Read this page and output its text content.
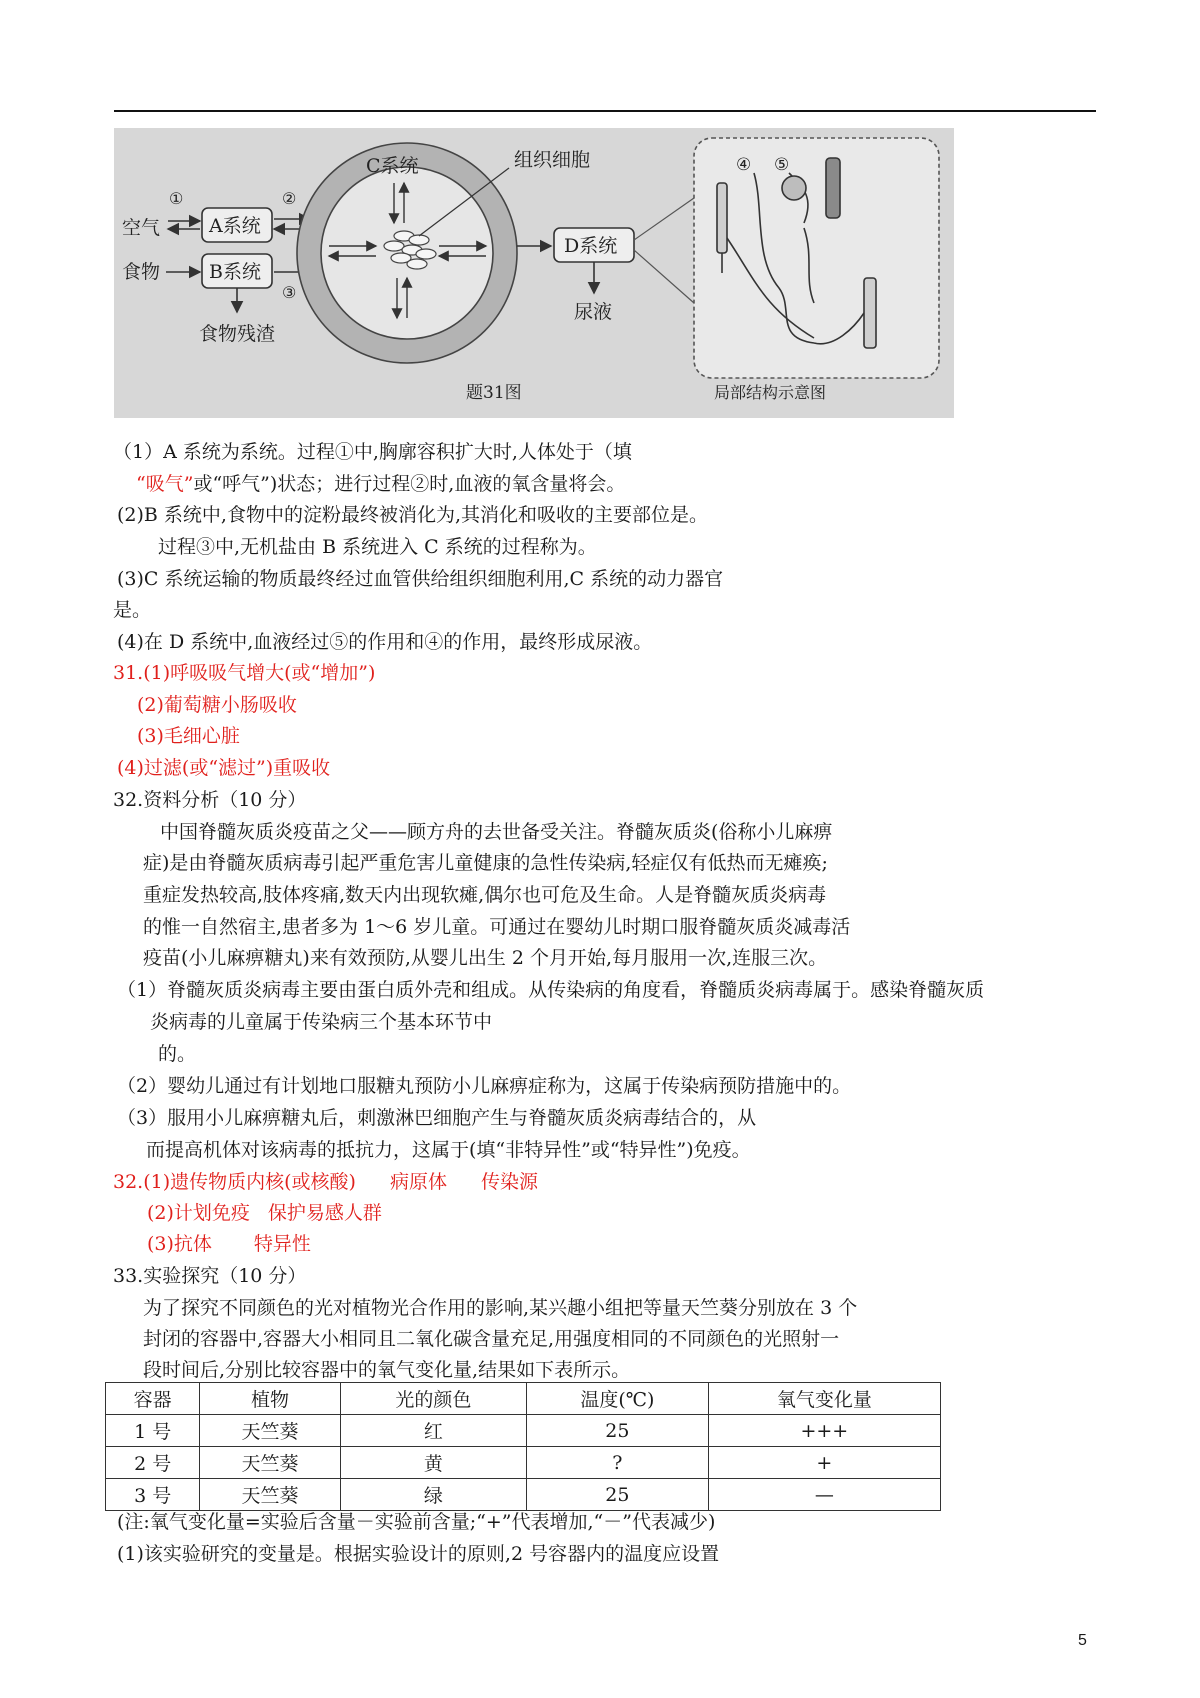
空气
食物
①
A系统
B系统
食物残渣
②
③
C系统	组织细胞
D系统
尿液
④ ⑤
局部结构示意图
题31图
（1）A 系统为系统。过程①中,胸廓容积扩大时,人体处于（填
“吸气”或“呼气”)状态；进行过程②时,血液的氧含量将会。
(2)B 系统中,食物中的淀粉最终被消化为,其消化和吸收的主要部位是。
过程③中,无机盐由 B 系统进入 C 系统的过程称为。
(3)C 系统运输的物质最终经过血管供给组织细胞利用,C 系统的动力器官
是。
(4)在 D 系统中,血液经过⑤的作用和④的作用，最终形成尿液。
31.(1)呼吸吸气增大(或“增加”)
(2)葡萄糖小肠吸收
(3)毛细心脏
(4)过滤(或“滤过”)重吸收
32.资料分析（10 分）
中国脊髓灰质炎疫苗之父——顾方舟的去世备受关注。脊髓灰质炎(俗称小儿麻痹
症)是由脊髓灰质病毒引起严重危害儿童健康的急性传染病,轻症仅有低热而无瘫痪;
重症发热较高,肢体疼痛,数天内出现软瘫,偶尔也可危及生命。人是脊髓灰质炎病毒
的惟一自然宿主,患者多为 1～6 岁儿童。可通过在婴幼儿时期口服脊髓灰质炎减毒活
疫苗(小儿麻痹糖丸)来有效预防,从婴儿出生 2 个月开始,每月服用一次,连服三次。
（1）脊髓灰质炎病毒主要由蛋白质外壳和组成。从传染病的角度看，脊髓质炎病毒属于。感染脊髓灰质
炎病毒的儿童属于传染病三个基本环节中
的。
（2）婴幼儿通过有计划地口服糖丸预防小儿麻痹症称为，这属于传染病预防措施中的。
（3）服用小儿麻痹糖丸后，刺激淋巴细胞产生与脊髓灰质炎病毒结合的，从
而提高机体对该病毒的抵抗力，这属于(填“非特异性”或“特异性”)免疫。
32.(1)遗传物质内核(或核酸) 病原体 传染源
(2)计划免疫 保护易感人群
(3)抗体 特异性
33.实验探究（10 分）
为了探究不同颜色的光对植物光合作用的影响,某兴趣小组把等量天竺葵分别放在 3 个
封闭的容器中,容器大小相同且二氧化碳含量充足,用强度相同的不同颜色的光照射一
段时间后,分别比较容器中的氧气变化量,结果如下表所示。
容器	植物	光的颜色	温度(℃)	氧气变化量
1 号	天竺葵	红	25	+++
2 号	天竺葵	黄	?	+
3 号	天竺葵	绿	25	—
(注:氧气变化量=实验后含量－实验前含量;“+”代表增加,“－”代表减少)
(1)该实验研究的变量是。根据实验设计的原则,2 号容器内的温度应设置
5
